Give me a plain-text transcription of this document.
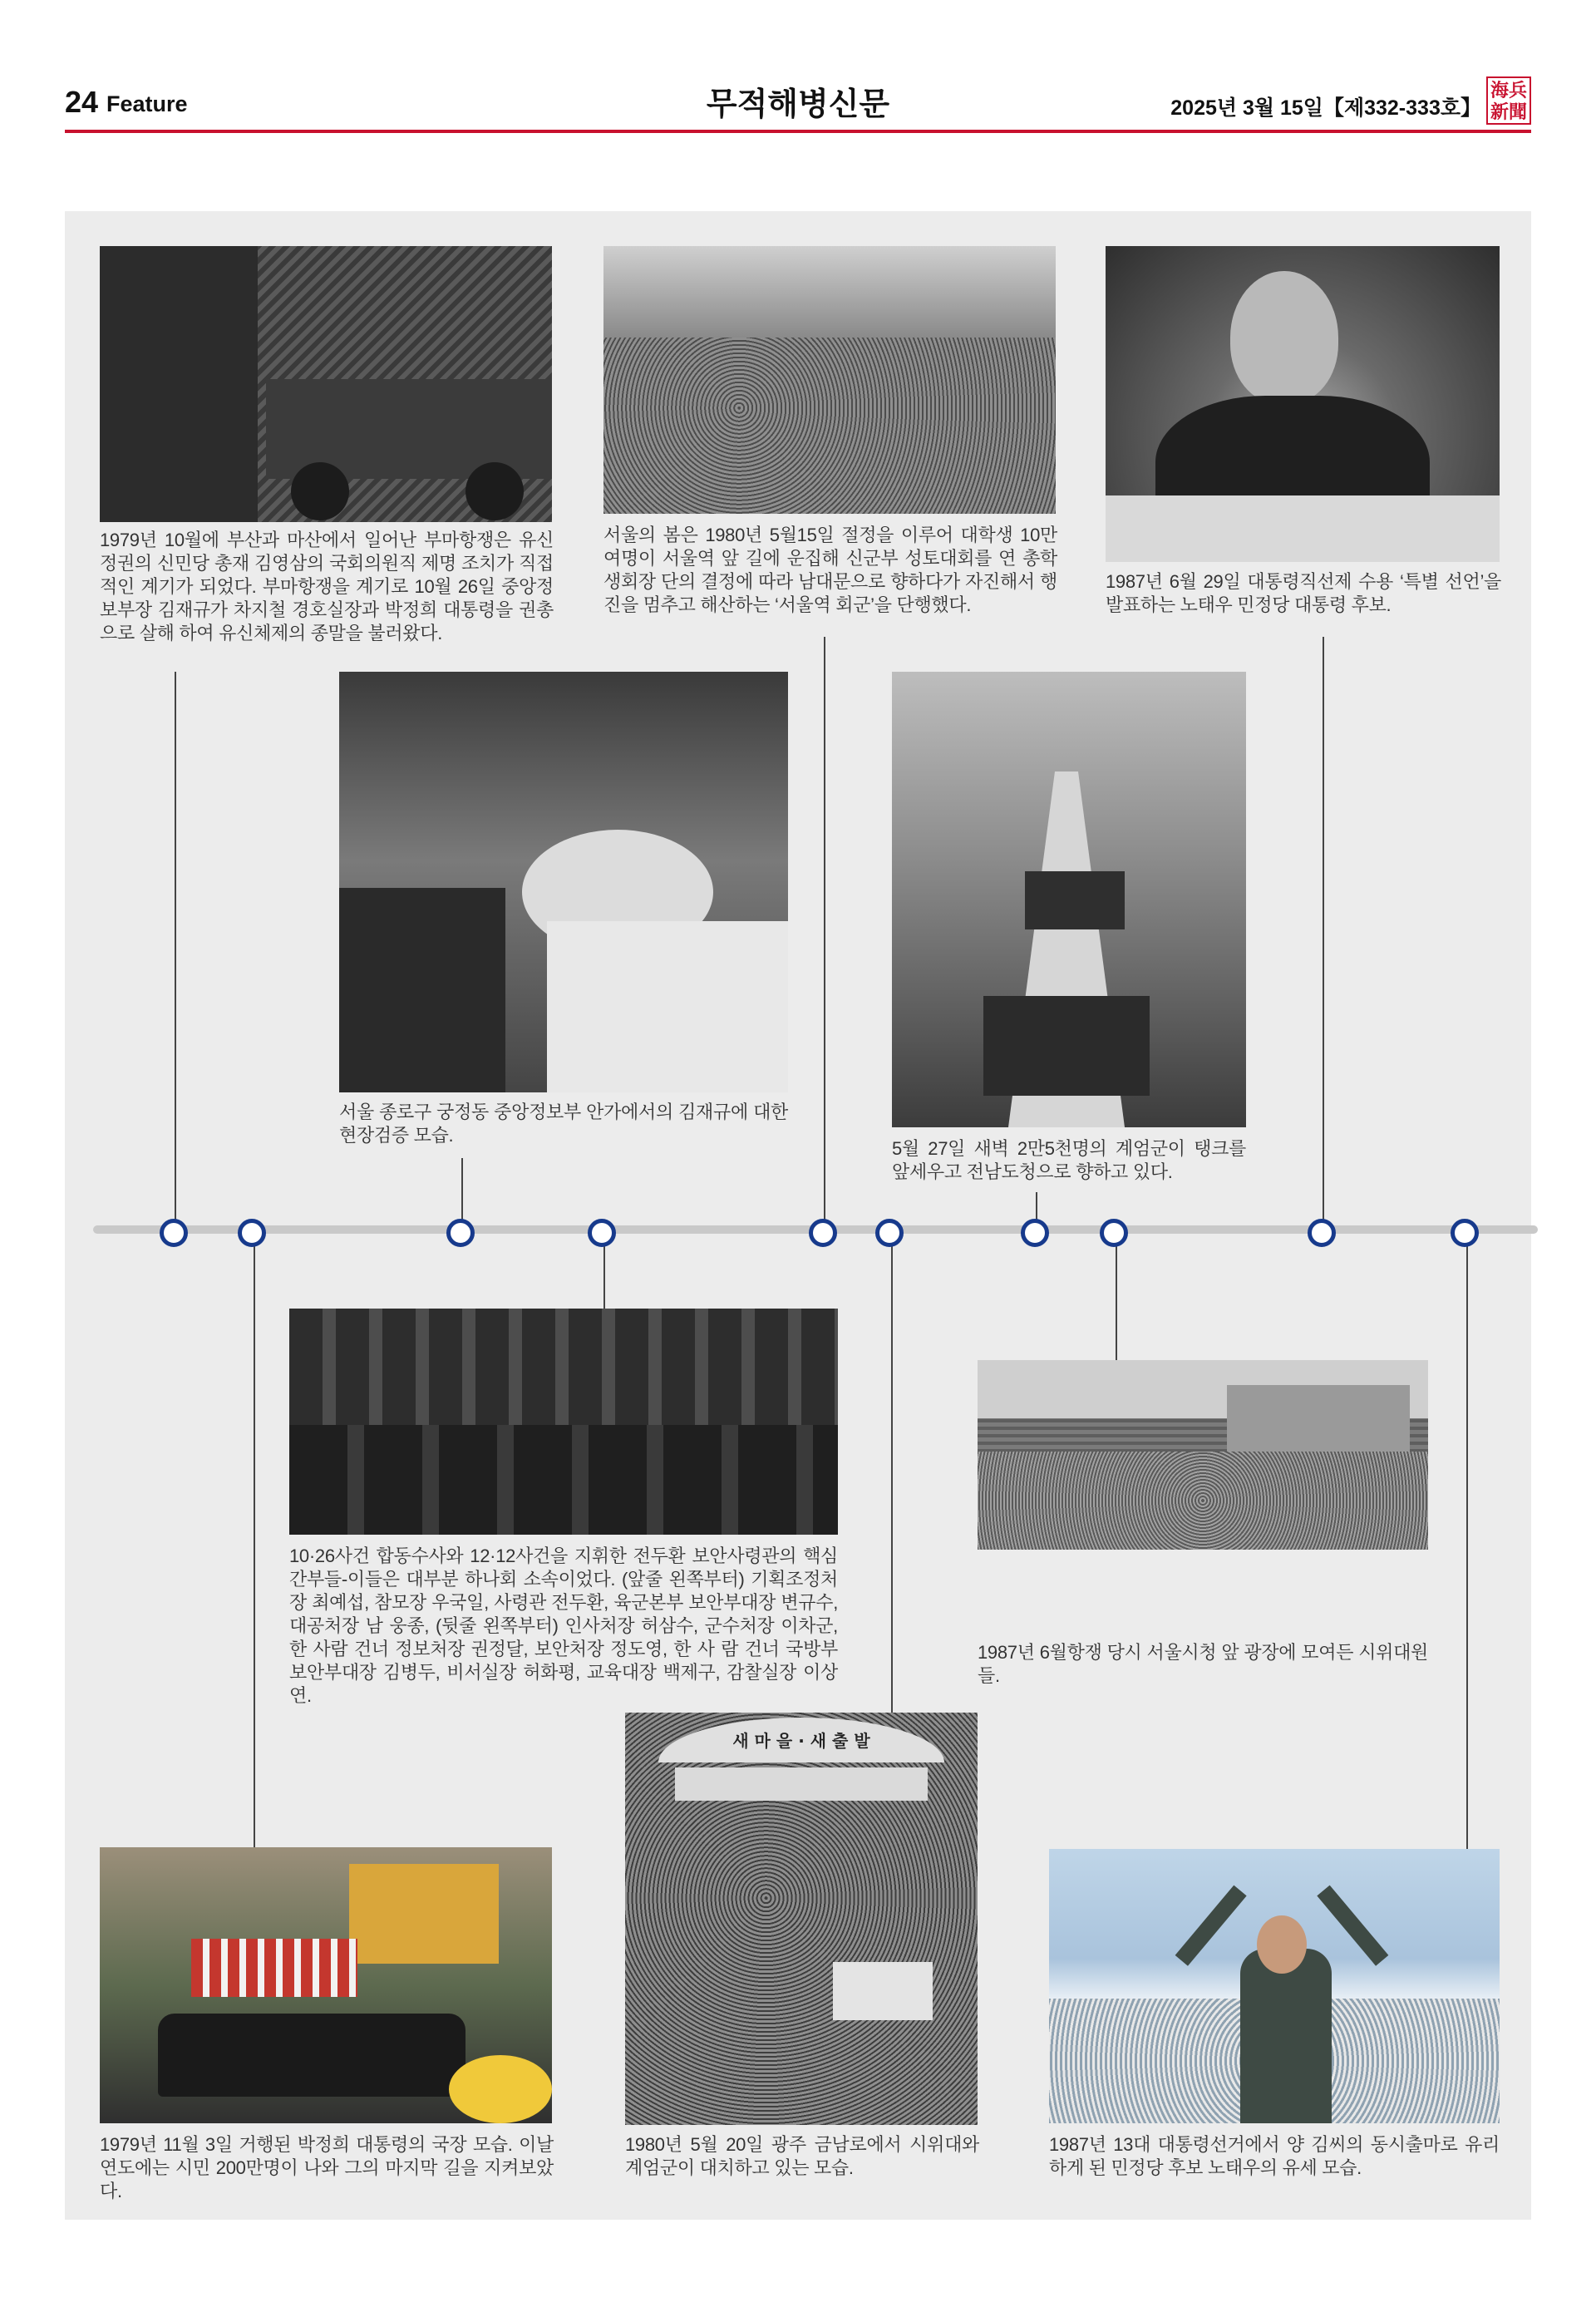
24 Feature	무적해병신문	2025년 3월 15일【제332-333호】
海兵 新聞
1979년 10월에 부산과 마산에서 일어난 부마항쟁은 유신정권의 신민당 총재 김영삼의 국회의원직 제명 조치가 직접적인 계기가 되었다. 부마항쟁을 계기로 10월 26일 중앙정보부장 김재규가 차지철 경호실장과 박정희 대통령을 권총으로 살해 하여 유신체제의 종말을 불러왔다.
서울의 봄은 1980년 5월15일 절정을 이루어 대학생 10만여명이 서울역 앞 길에 운집해 신군부 성토대회를 연 총학생회장 단의 결정에 따라 남대문으로 향하다가 자진해서 행진을 멈추고 해산하는 ‘서울역 회군’을 단행했다.
1987년 6월 29일 대통령직선제 수용 ‘특별 선언’을 발표하는 노태우 민정당 대통령 후보.
서울 종로구 궁정동 중앙정보부 안가에서의 김재규에 대한 현장검증 모습.
5월 27일 새벽 2만5천명의 계엄군이 탱크를 앞세우고 전남도청으로 향하고 있다.
10·26사건 합동수사와 12·12사건을 지휘한 전두환 보안사령관의 핵심 간부들-이들은 대부분 하나회 소속이었다. (앞줄 왼쪽부터) 기획조정처장 최예섭, 참모장 우국일, 사령관 전두환, 육군본부 보안부대장 변규수, 대공처장 남 웅종, (뒷줄 왼쪽부터) 인사처장 허삼수, 군수처장 이차군, 한 사람 건너 정보처장 권정달, 보안처장 정도영, 한 사 람 건너 국방부 보안부대장 김병두, 비서실장 허화평, 교육대장 백제구, 감찰실장 이상연.
1987년 6월항쟁 당시 서울시청 앞 광장에 모여든 시위대원들.
1979년 11월 3일 거행된 박정희 대통령의 국장 모습. 이날 연도에는 시민 200만명이 나와 그의 마지막 길을 지켜보았다.
새 마 을 · 새 출 발
1980년 5월 20일 광주 금남로에서 시위대와 계엄군이 대치하고 있는 모습.
1987년 13대 대통령선거에서 양 김씨의 동시출마로 유리하게 된 민정당 후보 노태우의 유세 모습.
